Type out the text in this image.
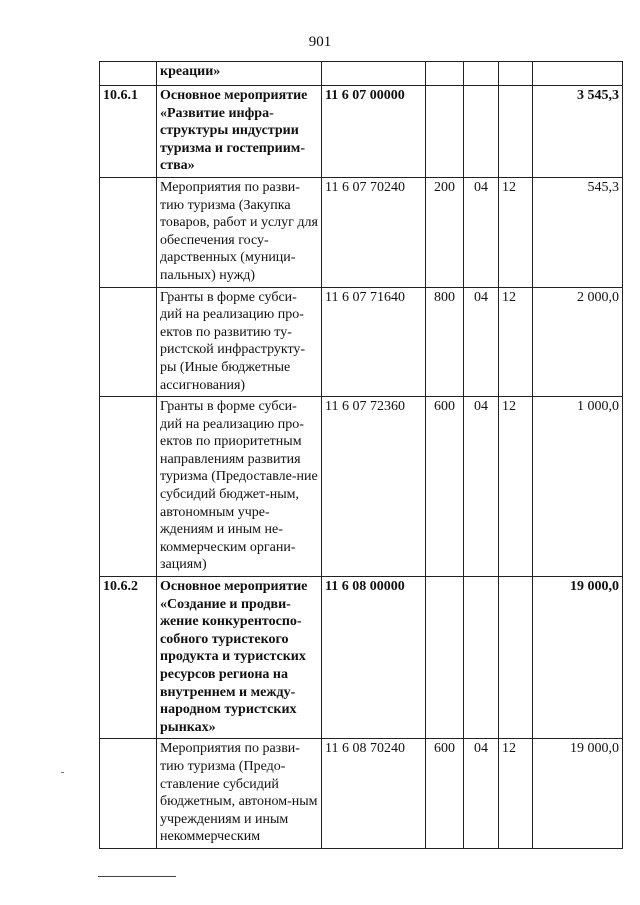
901
	креации»					
10.6.1	Основное мероприятие «Развитие инфра-структуры индустрии туризма и гостеприим-ства»	11 6 07 00000				3 545,3
	Мероприятия по разви-тию туризма (Закупка товаров, работ и услуг для обеспечения госу-дарственных (муници-пальных) нужд)	11 6 07 70240	200	04	12	545,3
	Гранты в форме субси-дий на реализацию про-ектов по развитию ту-ристской инфраструкту-ры (Иные бюджетные ассигнования)	11 6 07 71640	800	04	12	2 000,0
	Гранты в форме субси-дий на реализацию про-ектов по приоритетным направлениям развития туризма (Предоставле-ние субсидий бюджет-ным, автономным учре-ждениям и иным не-коммерческим органи-зациям)	11 6 07 72360	600	04	12	1 000,0
10.6.2	Основное мероприятие «Создание и продви-жение конкурентоспо-собного туристекого продукта и туристских ресурсов региона на внутреннем и между-народном туристских рынках»	11 6 08 00000				19 000,0
	Мероприятия по разви-тию туризма (Предо-ставление субсидий бюджетным, автоном-ным учреждениям и иным некоммерческим	11 6 08 70240	600	04	12	19 000,0
